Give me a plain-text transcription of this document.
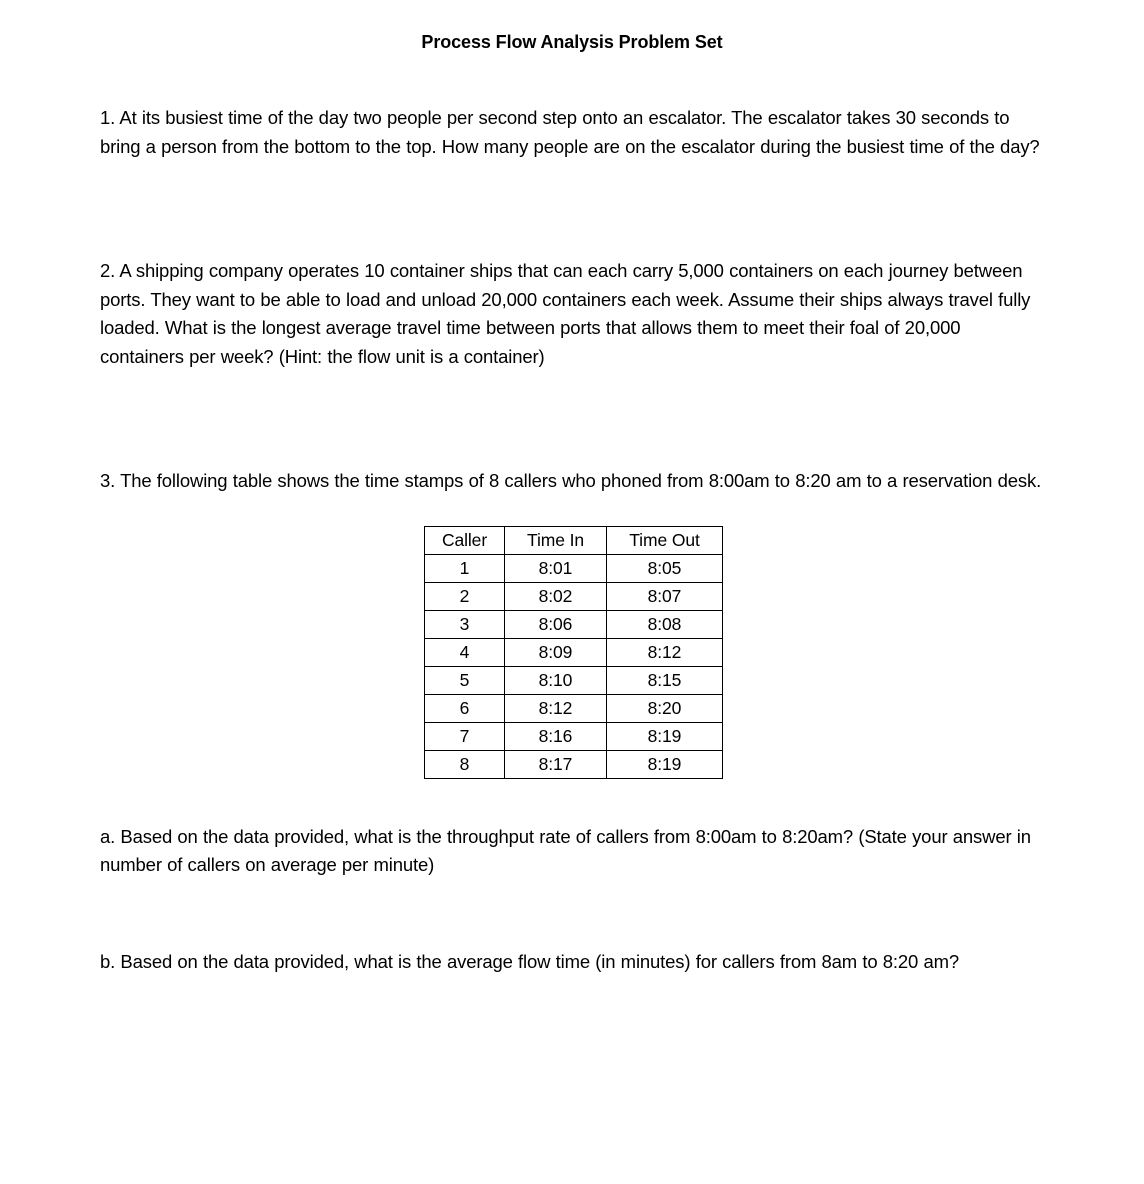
Process Flow Analysis Problem Set
1. At its busiest time of the day two people per second step onto an escalator. The escalator takes 30 seconds to bring a person from the bottom to the top. How many people are on the escalator during the busiest time of the day?
2. A shipping company operates 10 container ships that can each carry 5,000 containers on each journey between ports. They want to be able to load and unload 20,000 containers each week. Assume their ships always travel fully loaded. What is the longest average travel time between ports that allows them to meet their foal of 20,000 containers per week? (Hint: the flow unit is a container)
3. The following table shows the time stamps of 8 callers who phoned from 8:00am to 8:20 am to a reservation desk.
Caller	Time In	Time Out
1	8:01	8:05
2	8:02	8:07
3	8:06	8:08
4	8:09	8:12
5	8:10	8:15
6	8:12	8:20
7	8:16	8:19
8	8:17	8:19
a. Based on the data provided, what is the throughput rate of callers from 8:00am to 8:20am? (State your answer in number of callers on average per minute)
b. Based on the data provided, what is the average flow time (in minutes) for callers from 8am to 8:20 am?
